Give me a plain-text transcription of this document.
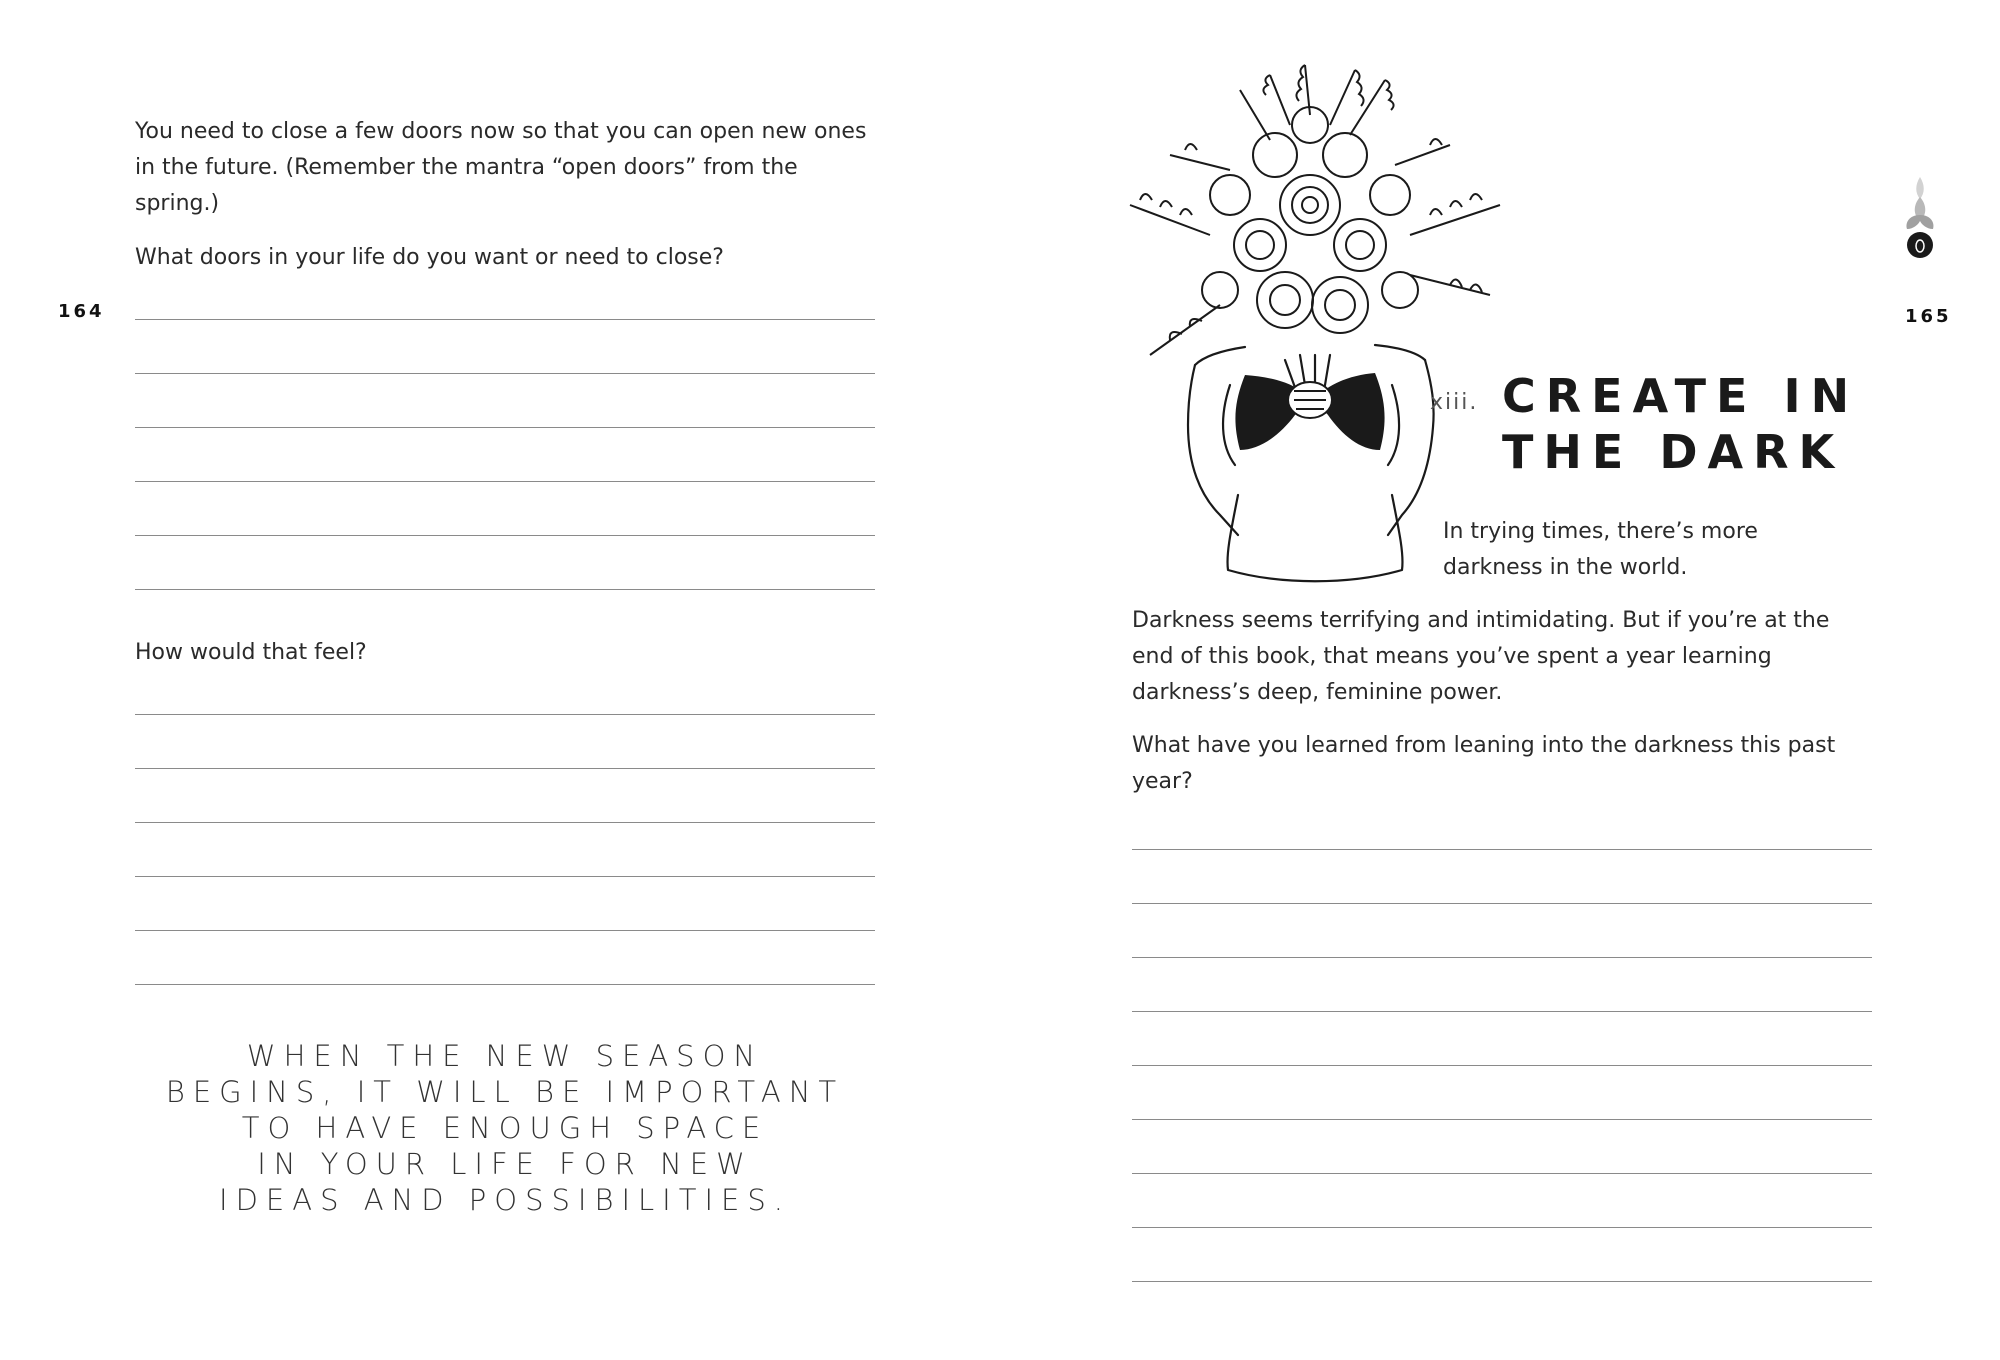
164

You need to close a few doors now so that you can open new ones in the future. (Remember the mantra “open doors” from the spring.)

What doors in your life do you want or need to close?

How would that feel?

WHEN THE NEW SEASON
BEGINS, IT WILL BE IMPORTANT
TO HAVE ENOUGH SPACE
IN YOUR LIFE FOR NEW
IDEAS AND POSSIBILITIES.
xiii. CREATE IN
THE DARK

In trying times, there’s more darkness in the world.

Darkness seems terrifying and intimidating. But if you’re at the end of this book, that means you’ve spent a year learning darkness’s deep, feminine power.

What have you learned from leaning into the darkness this past year?

165
